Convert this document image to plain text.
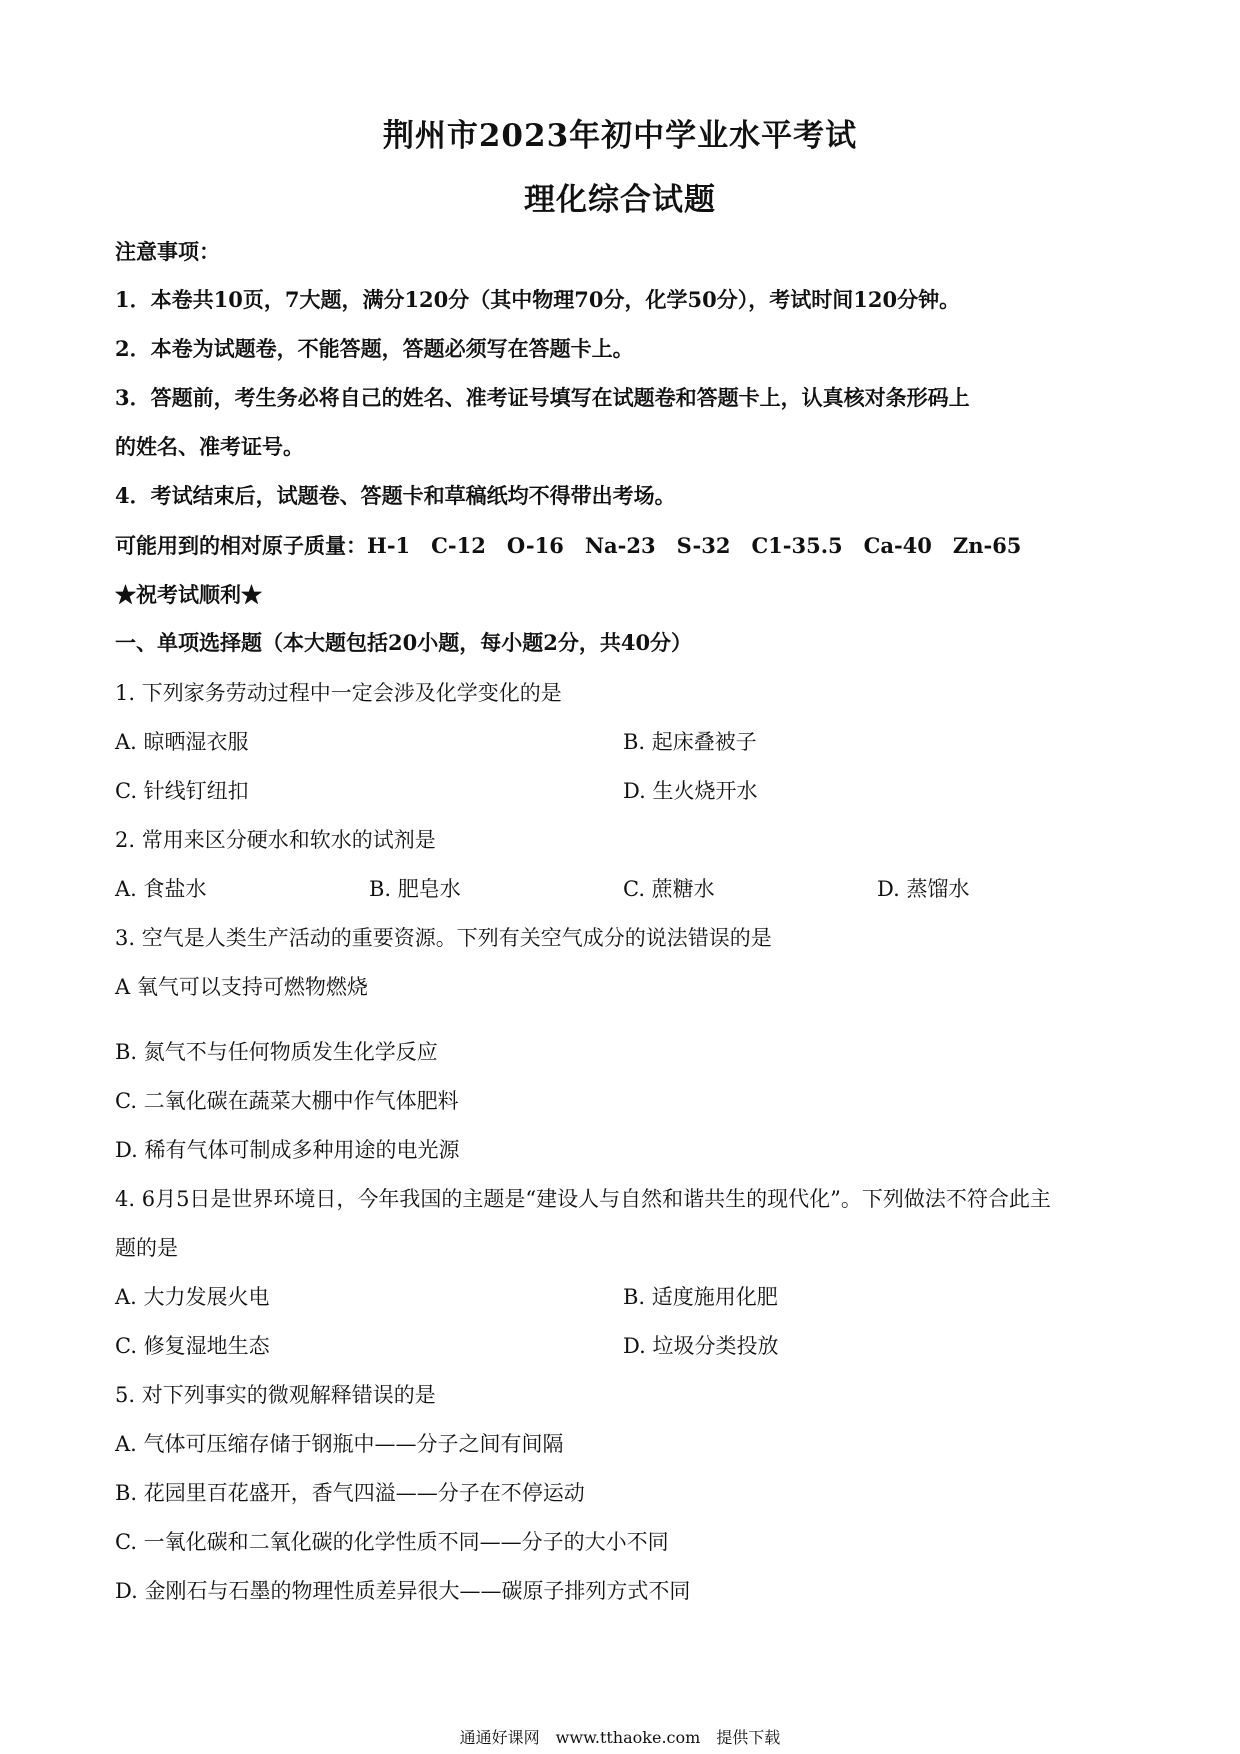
荆州市2023年初中学业水平考试
理化综合试题
注意事项：
1．本卷共10页，7大题，满分120分（其中物理70分，化学50分），考试时间120分钟。
2．本卷为试题卷，不能答题，答题必须写在答题卡上。
3．答题前，考生务必将自己的姓名、准考证号填写在试题卷和答题卡上，认真核对条形码上
的姓名、准考证号。
4．考试结束后，试题卷、答题卡和草稿纸均不得带出考场。
可能用到的相对原子质量：H-1　C-12　O-16　Na-23　S-32　C1-35.5　Ca-40　Zn-65
★祝考试顺利★
一、单项选择题（本大题包括20小题，每小题2分，共40分）
1. 下列家务劳动过程中一定会涉及化学变化的是
A. 晾晒湿衣服	B. 起床叠被子
C. 针线钉纽扣	D. 生火烧开水
2. 常用来区分硬水和软水的试剂是
A. 食盐水	B. 肥皂水	C. 蔗糖水	D. 蒸馏水
3. 空气是人类生产活动的重要资源。下列有关空气成分的说法错误的是
A 氧气可以支持可燃物燃烧
B. 氮气不与任何物质发生化学反应
C. 二氧化碳在蔬菜大棚中作气体肥料
D. 稀有气体可制成多种用途的电光源
4. 6月5日是世界环境日，今年我国的主题是“建设人与自然和谐共生的现代化”。下列做法不符合此主
题的是
A. 大力发展火电	B. 适度施用化肥
C. 修复湿地生态	D. 垃圾分类投放
5. 对下列事实的微观解释错误的是
A. 气体可压缩存储于钢瓶中——分子之间有间隔
B. 花园里百花盛开，香气四溢——分子在不停运动
C. 一氧化碳和二氧化碳的化学性质不同——分子的大小不同
D. 金刚石与石墨的物理性质差异很大——碳原子排列方式不同
通通好课网　www.tthaoke.com　提供下载
